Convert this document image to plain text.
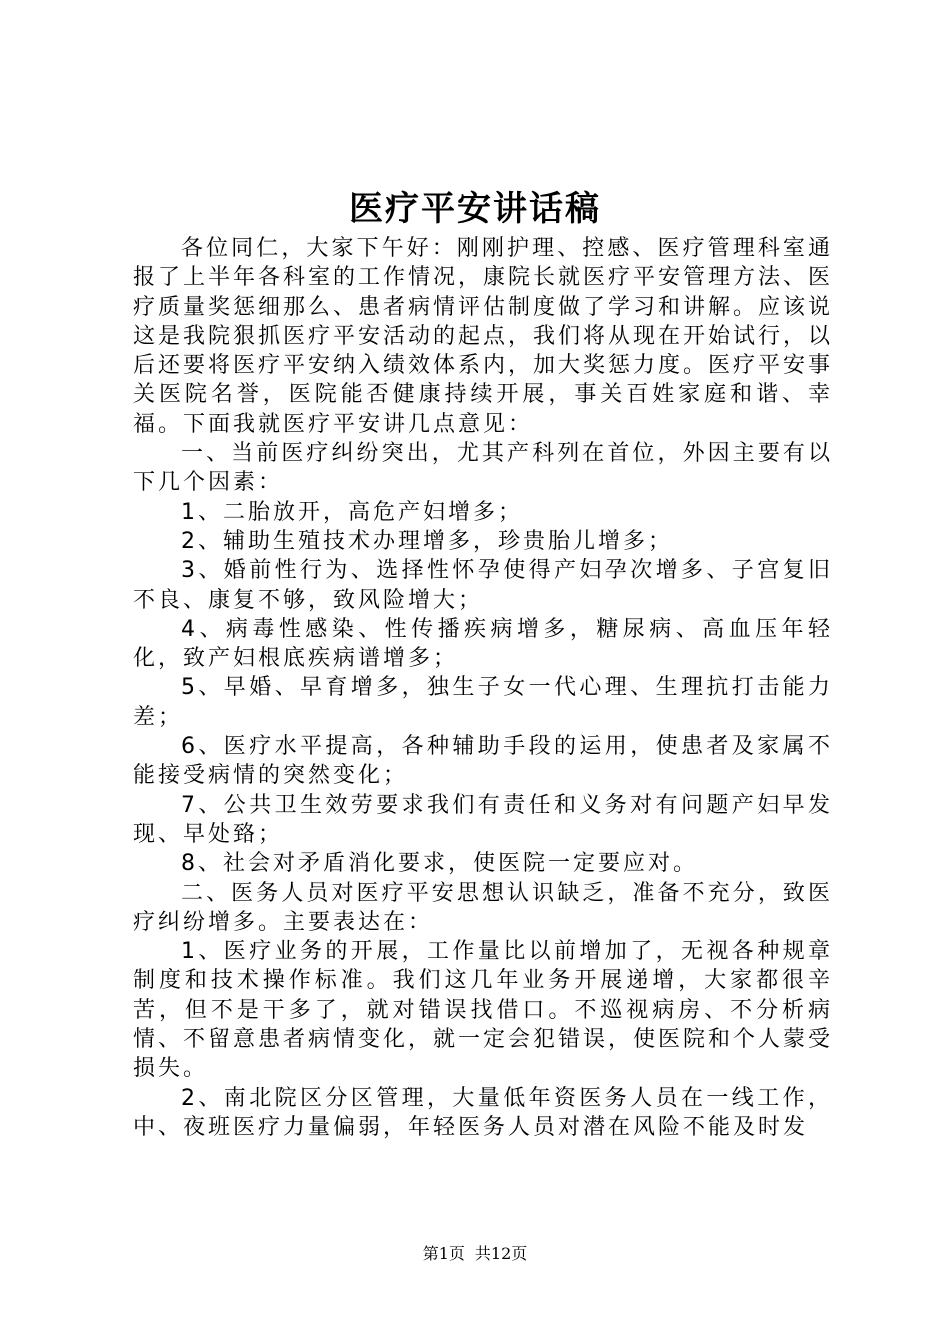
医疗平安讲话稿

各位同仁，大家下午好：刚刚护理、控感、医疗管理科室通报了上半年各科室的工作情况，康院长就医疗平安管理方法、医疗质量奖惩细那么、患者病情评估制度做了学习和讲解。应该说这是我院狠抓医疗平安活动的起点，我们将从现在开始试行，以后还要将医疗平安纳入绩效体系内，加大奖惩力度。医疗平安事关医院名誉，医院能否健康持续开展，事关百姓家庭和谐、幸福。下面我就医疗平安讲几点意见：

一、当前医疗纠纷突出，尤其产科列在首位，外因主要有以下几个因素：

1、二胎放开，高危产妇增多；

2、辅助生殖技术办理增多，珍贵胎儿增多；

3、婚前性行为、选择性怀孕使得产妇孕次增多、子宫复旧不良、康复不够，致风险增大；

4、病毒性感染、性传播疾病增多，糖尿病、高血压年轻化，致产妇根底疾病谱增多；

5、早婚、早育增多，独生子女一代心理、生理抗打击能力差；

6、医疗水平提高，各种辅助手段的运用，使患者及家属不能接受病情的突然变化；

7、公共卫生效劳要求我们有责任和义务对有问题产妇早发现、早处臵；

8、社会对矛盾消化要求，使医院一定要应对。

二、医务人员对医疗平安思想认识缺乏，准备不充分，致医疗纠纷增多。主要表达在：

1、医疗业务的开展，工作量比以前增加了，无视各种规章制度和技术操作标准。我们这几年业务开展递增，大家都很辛苦，但不是干多了，就对错误找借口。不巡视病房、不分析病情、不留意患者病情变化，就一定会犯错误，使医院和个人蒙受损失。

2、南北院区分区管理，大量低年资医务人员在一线工作，中、夜班医疗力量偏弱，年轻医务人员对潜在风险不能及时发

第1页 共12页
